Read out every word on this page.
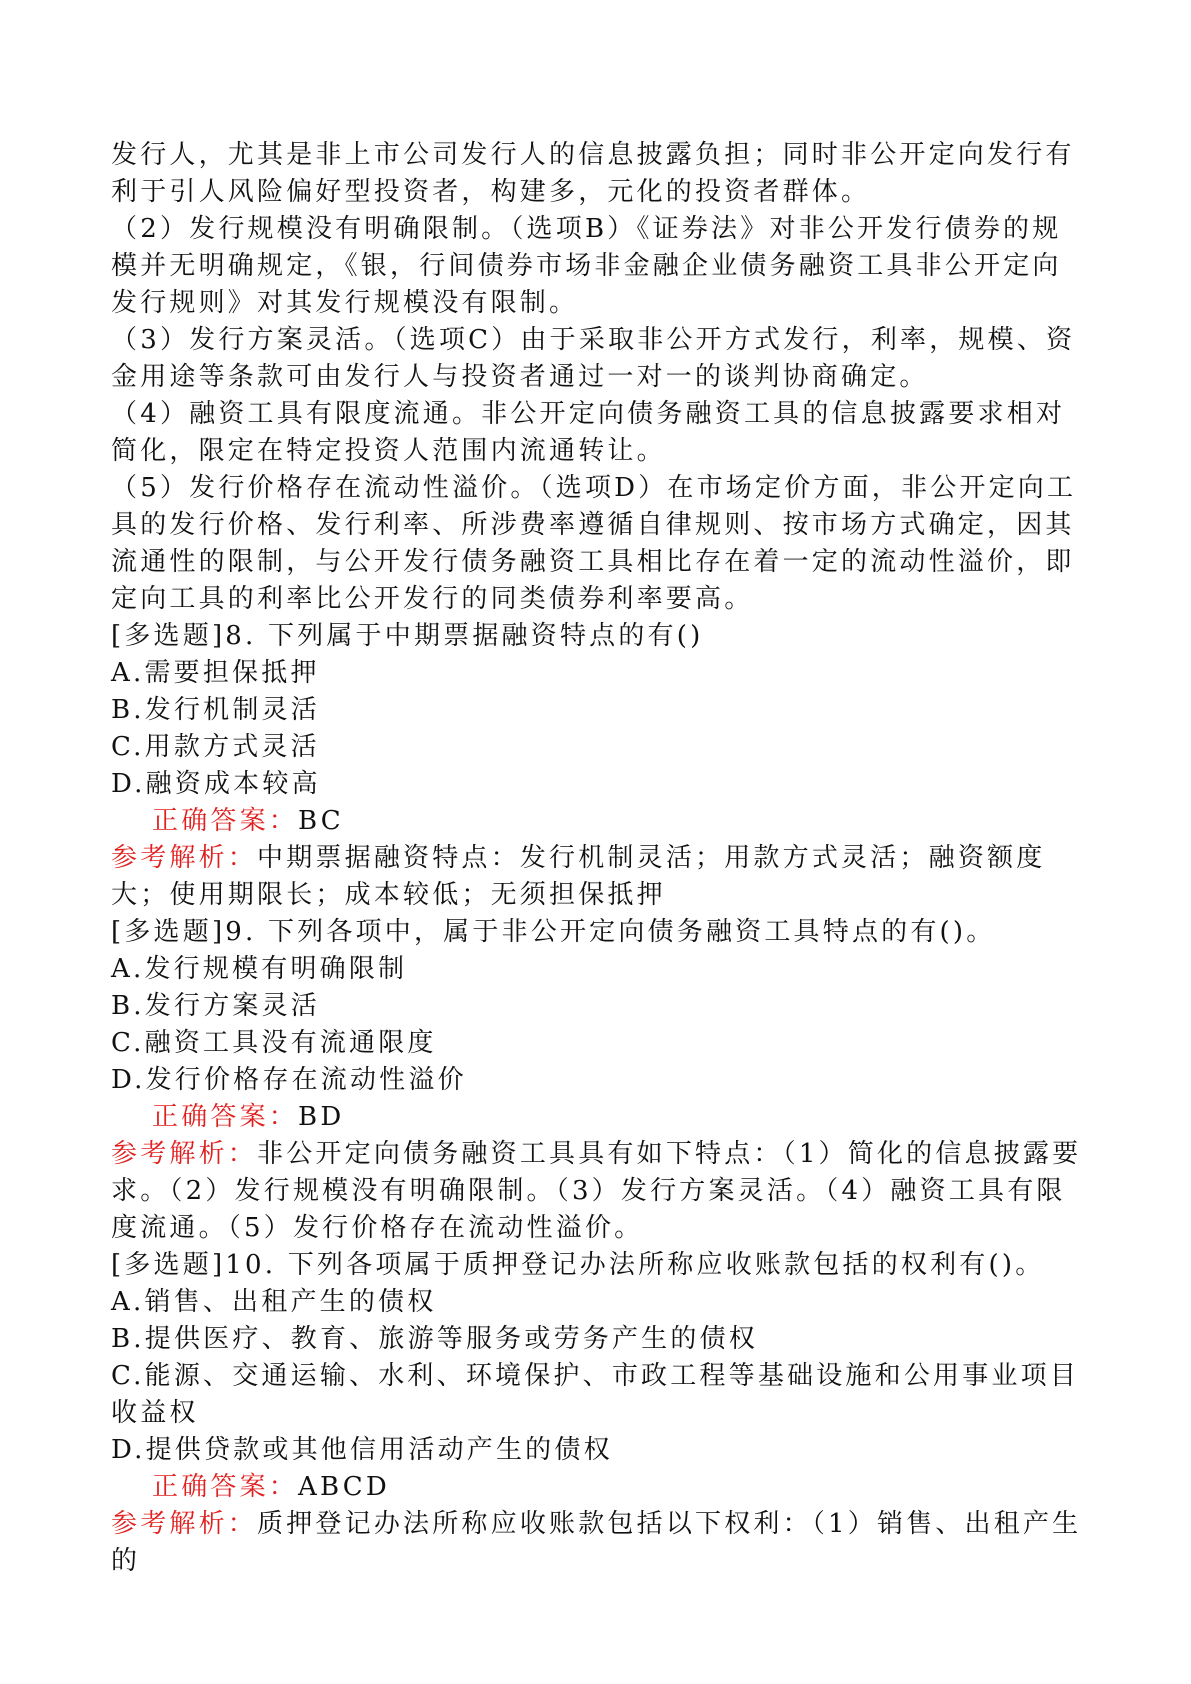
发行人，尤其是非上市公司发行人的信息披露负担；同时非公开定向发行有利于引人风险偏好型投资者，构建多，元化的投资者群体。

（2）发行规模没有明确限制。（选项B）《证券法》对非公开发行债券的规模并无明确规定，《银，行间债券市场非金融企业债务融资工具非公开定向发行规则》对其发行规模没有限制。

（3）发行方案灵活。（选项C）由于采取非公开方式发行，利率，规模、资金用途等条款可由发行人与投资者通过一对一的谈判协商确定。

（4）融资工具有限度流通。非公开定向债务融资工具的信息披露要求相对简化，限定在特定投资人范围内流通转让。

（5）发行价格存在流动性溢价。（选项D）在市场定价方面，非公开定向工具的发行价格、发行利率、所涉费率遵循自律规则、按市场方式确定，因其流通性的限制，与公开发行债务融资工具相比存在着一定的流动性溢价，即定向工具的利率比公开发行的同类债券利率要高。

[多选题]8. 下列属于中期票据融资特点的有()

A.需要担保抵押

B.发行机制灵活

C.用款方式灵活

D.融资成本较高

正确答案：BC

参考解析：中期票据融资特点：发行机制灵活；用款方式灵活；融资额度大；使用期限长；成本较低；无须担保抵押

[多选题]9. 下列各项中，属于非公开定向债务融资工具特点的有()。

A.发行规模有明确限制

B.发行方案灵活

C.融资工具没有流通限度

D.发行价格存在流动性溢价

正确答案：BD

参考解析：非公开定向债务融资工具具有如下特点：（1）简化的信息披露要求。（2）发行规模没有明确限制。（3）发行方案灵活。（4）融资工具有限度流通。（5）发行价格存在流动性溢价。

[多选题]10. 下列各项属于质押登记办法所称应收账款包括的权利有()。

A.销售、出租产生的债权

B.提供医疗、教育、旅游等服务或劳务产生的债权

C.能源、交通运输、水利、环境保护、市政工程等基础设施和公用事业项目收益权

D.提供贷款或其他信用活动产生的债权

正确答案：ABCD

参考解析：质押登记办法所称应收账款包括以下权利：（1）销售、出租产生的
